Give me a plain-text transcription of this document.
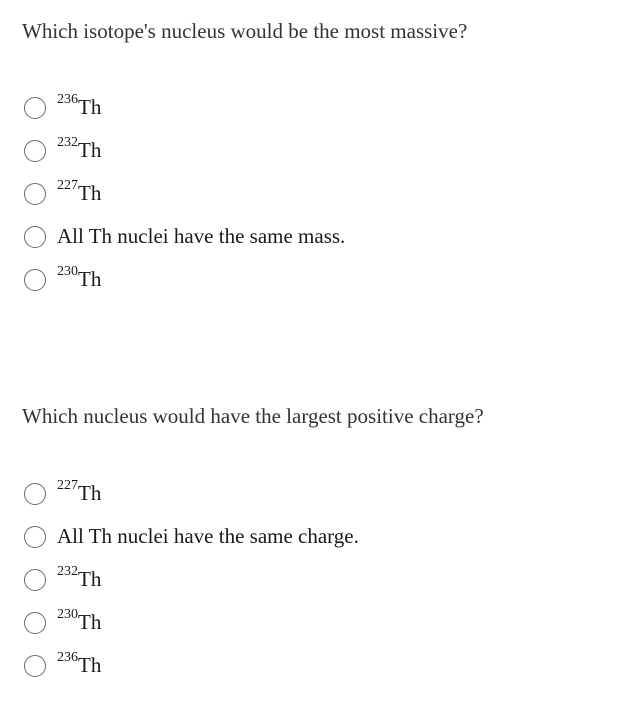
Which isotope's nucleus would be the most massive?

$^{236}$Th
$^{232}$Th
$^{227}$Th
All Th nuclei have the same mass.
$^{230}$Th

Which nucleus would have the largest positive charge?

$^{227}$Th
All Th nuclei have the same charge.
$^{232}$Th
$^{230}$Th
$^{236}$Th
